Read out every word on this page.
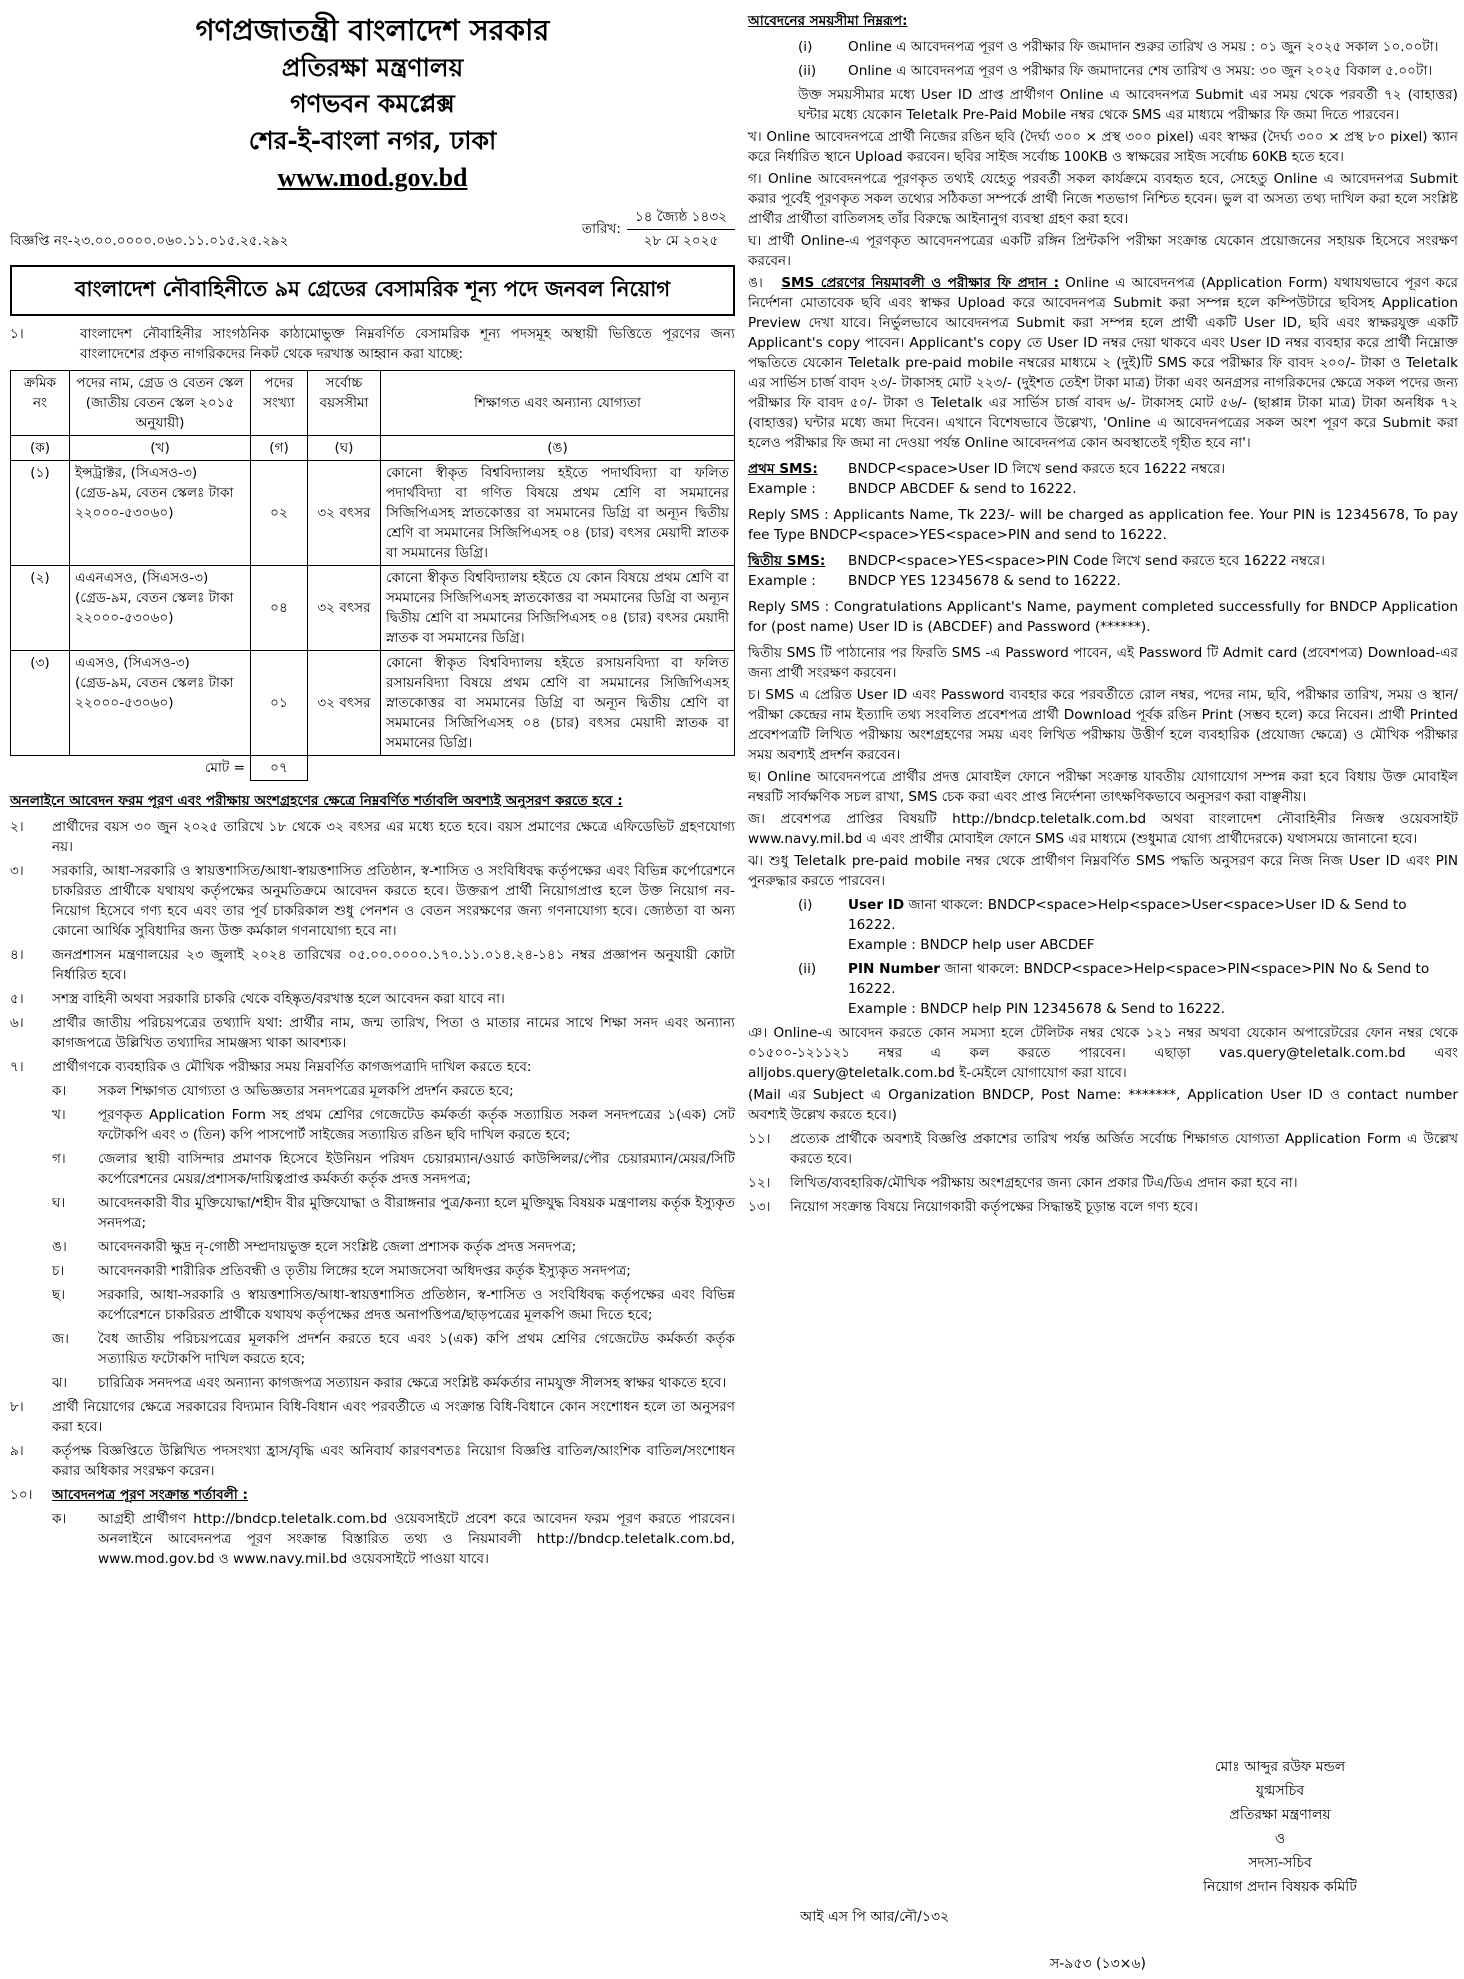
গণপ্রজাতন্ত্রী বাংলাদেশ সরকার

প্রতিরক্ষা মন্ত্রণালয়

গণভবন কমপ্লেক্স

শের-ই-বাংলা নগর, ঢাকা

www.mod.gov.bd

বিজ্ঞপ্তি নং-২৩.০০.০০০০.০৬০.১১.০১৫.২৫.২৯২
তারিখ:
১৪ জ্যৈষ্ঠ ১৪৩২
২৮ মে ২০২৫
বাংলাদেশ নৌবাহিনীতে ৯ম গ্রেডের বেসামরিক শূন্য পদে জনবল নিয়োগ
১।	বাংলাদেশ নৌবাহিনীর সাংগঠনিক কাঠামোভুক্ত নিম্নবর্ণিত বেসামরিক শূন্য পদসমূহ অস্থায়ী ভিত্তিতে পূরণের জন্য বাংলাদেশের প্রকৃত নাগরিকদের নিকট থেকে দরখাস্ত আহ্বান করা যাচ্ছে:
ক্রমিক নং	পদের নাম, গ্রেড ও বেতন স্কেল (জাতীয় বেতন স্কেল ২০১৫ অনুযায়ী)	পদের সংখ্যা	সর্বোচ্চ বয়সসীমা	শিক্ষাগত এবং অন্যান্য যোগ্যতা
(ক)	(খ)	(গ)	(ঘ)	(ঙ)
(১)	ইন্সট্রাক্টর, (সিএসও-৩) (গ্রেড-৯ম, বেতন স্কেলঃ টাকা ২২০০০-৫৩০৬০)	০২	৩২ বৎসর	কোনো স্বীকৃত বিশ্ববিদ্যালয় হইতে পদার্থবিদ্যা বা ফলিত পদার্থবিদ্যা বা গণিত বিষয়ে প্রথম শ্রেণি বা সমমানের সিজিপিএসহ স্নাতকোত্তর বা সমমানের ডিগ্রি বা অন্যূন দ্বিতীয় শ্রেণি বা সমমানের সিজিপিএসহ ০৪ (চার) বৎসর মেয়াদী স্নাতক বা সমমানের ডিগ্রি।
(২)	এএনএসও, (সিএসও-৩) (গ্রেড-৯ম, বেতন স্কেলঃ টাকা ২২০০০-৫৩০৬০)	০৪	৩২ বৎসর	কোনো স্বীকৃত বিশ্ববিদ্যালয় হইতে যে কোন বিষয়ে প্রথম শ্রেণি বা সমমানের সিজিপিএসহ স্নাতকোত্তর বা সমমানের ডিগ্রি বা অন্যূন দ্বিতীয় শ্রেণি বা সমমানের সিজিপিএসহ ০৪ (চার) বৎসর মেয়াদী স্নাতক বা সমমানের ডিগ্রি।
(৩)	এএসও, (সিএসও-৩) (গ্রেড-৯ম, বেতন স্কেলঃ টাকা ২২০০০-৫৩০৬০)	০১	৩২ বৎসর	কোনো স্বীকৃত বিশ্ববিদ্যালয় হইতে রসায়নবিদ্যা বা ফলিত রসায়নবিদ্যা বিষয়ে প্রথম শ্রেণি বা সমমানের সিজিপিএসহ স্নাতকোত্তর বা সমমানের ডিগ্রি বা অন্যূন দ্বিতীয় শ্রেণি বা সমমানের সিজিপিএসহ ০৪ (চার) বৎসর মেয়াদী স্নাতক বা সমমানের ডিগ্রি।
মোট =		০৭		
অনলাইনে আবেদন ফরম পূরণ এবং পরীক্ষায় অংশগ্রহণের ক্ষেত্রে নিম্নবর্ণিত শর্তাবলি অবশ্যই অনুসরণ করতে হবে :
২।	প্রার্থীদের বয়স ৩০ জুন ২০২৫ তারিখে ১৮ থেকে ৩২ বৎসর এর মধ্যে হতে হবে। বয়স প্রমাণের ক্ষেত্রে এফিডেভিট গ্রহণযোগ্য নয়।
৩।	সরকারি, আধা-সরকারি ও স্বায়ত্তশাসিত/আধা-স্বায়ত্তশাসিত প্রতিষ্ঠান, স্ব-শাসিত ও সংবিধিবদ্ধ কর্তৃপক্ষের এবং বিভিন্ন কর্পোরেশনে চাকরিরত প্রার্থীকে যথাযথ কর্তৃপক্ষের অনুমতিক্রমে আবেদন করতে হবে। উক্তরূপ প্রার্থী নিয়োগপ্রাপ্ত হলে উক্ত নিয়োগ নব-নিয়োগ হিসেবে গণ্য হবে এবং তার পূর্ব চাকরিকাল শুধু পেনশন ও বেতন সংরক্ষণের জন্য গণনাযোগ্য হবে। জ্যেষ্ঠতা বা অন্য কোনো আর্থিক সুবিধাদির জন্য উক্ত কর্মকাল গণনাযোগ্য হবে না।
৪।	জনপ্রশাসন মন্ত্রণালয়ের ২৩ জুলাই ২০২৪ তারিখের ০৫.০০.০০০০.১৭০.১১.০১৪.২৪-১৪১ নম্বর প্রজ্ঞাপন অনুযায়ী কোটা নির্ধারিত হবে।
৫।	সশস্ত্র বাহিনী অথবা সরকারি চাকরি থেকে বহিষ্কৃত/বরখাস্ত হলে আবেদন করা যাবে না।
৬।	প্রার্থীর জাতীয় পরিচয়পত্রের তথ্যাদি যথা: প্রার্থীর নাম, জন্ম তারিখ, পিতা ও মাতার নামের সাথে শিক্ষা সনদ এবং অন্যান্য কাগজপত্রে উল্লিখিত তথ্যাদির সামঞ্জস্য থাকা আবশ্যক।
৭।	প্রার্থীগণকে ব্যবহারিক ও মৌখিক পরীক্ষার সময় নিম্নবর্ণিত কাগজপত্রাদি দাখিল করতে হবে:
ক।	সকল শিক্ষাগত যোগ্যতা ও অভিজ্ঞতার সনদপত্রের মূলকপি প্রদর্শন করতে হবে;
খ।	পূরণকৃত Application Form সহ প্রথম শ্রেণির গেজেটেড কর্মকর্তা কর্তৃক সত্যায়িত সকল সনদপত্রের ১(এক) সেট ফটোকপি এবং ৩ (তিন) কপি পাসপোর্ট সাইজের সত্যায়িত রঙিন ছবি দাখিল করতে হবে;
গ।	জেলার স্থায়ী বাসিন্দার প্রমাণক হিসেবে ইউনিয়ন পরিষদ চেয়ারম্যান/ওয়ার্ড কাউন্সিলর/পৌর চেয়ারম্যান/মেয়র/সিটি কর্পোরেশনের মেয়র/প্রশাসক/দায়িত্বপ্রাপ্ত কর্মকর্তা কর্তৃক প্রদত্ত সনদপত্র;
ঘ।	আবেদনকারী বীর মুক্তিযোদ্ধা/শহীদ বীর মুক্তিযোদ্ধা ও বীরাঙ্গনার পুত্র/কন্যা হলে মুক্তিযুদ্ধ বিষয়ক মন্ত্রণালয় কর্তৃক ইস্যুকৃত সনদপত্র;
ঙ।	আবেদনকারী ক্ষুদ্র নৃ-গোষ্ঠী সম্প্রদায়ভুক্ত হলে সংশ্লিষ্ট জেলা প্রশাসক কর্তৃক প্রদত্ত সনদপত্র;
চ।	আবেদনকারী শারীরিক প্রতিবন্ধী ও তৃতীয় লিঙ্গের হলে সমাজসেবা অধিদপ্তর কর্তৃক ইস্যুকৃত সনদপত্র;
ছ।	সরকারি, আধা-সরকারি ও স্বায়ত্তশাসিত/আধা-স্বায়ত্তশাসিত প্রতিষ্ঠান, স্ব-শাসিত ও সংবিধিবদ্ধ কর্তৃপক্ষের এবং বিভিন্ন কর্পোরেশনে চাকরিরত প্রার্থীকে যথাযথ কর্তৃপক্ষের প্রদত্ত অনাপত্তিপত্র/ছাড়পত্রের মূলকপি জমা দিতে হবে;
জ।	বৈধ জাতীয় পরিচয়পত্রের মূলকপি প্রদর্শন করতে হবে এবং ১(এক) কপি প্রথম শ্রেণির গেজেটেড কর্মকর্তা কর্তৃক সত্যায়িত ফটোকপি দাখিল করতে হবে;
ঝ।	চারিত্রিক সনদপত্র এবং অন্যান্য কাগজপত্র সত্যায়ন করার ক্ষেত্রে সংশ্লিষ্ট কর্মকর্তার নামযুক্ত সীলসহ স্বাক্ষর থাকতে হবে।
৮।	প্রার্থী নিয়োগের ক্ষেত্রে সরকারের বিদ্যমান বিধি-বিধান এবং পরবর্তীতে এ সংক্রান্ত বিধি-বিধানে কোন সংশোধন হলে তা অনুসরণ করা হবে।
৯।	কর্তৃপক্ষ বিজ্ঞপ্তিতে উল্লিখিত পদসংখ্যা হ্রাস/বৃদ্ধি এবং অনিবার্য কারণবশতঃ নিয়োগ বিজ্ঞপ্তি বাতিল/আংশিক বাতিল/সংশোধন করার অধিকার সংরক্ষণ করেন।
১০।	আবেদনপত্র পূরণ সংক্রান্ত শর্তাবলী :
ক।	আগ্রহী প্রার্থীগণ http://bndcp.teletalk.com.bd ওয়েবসাইটে প্রবেশ করে আবেদন ফরম পূরণ করতে পারবেন। অনলাইনে আবেদনপত্র পূরণ সংক্রান্ত বিস্তারিত তথ্য ও নিয়মাবলী http://bndcp.teletalk.com.bd, www.mod.gov.bd ও www.navy.mil.bd ওয়েবসাইটে পাওয়া যাবে।
আবেদনের সময়সীমা নিম্নরূপ:
(i)	Online এ আবেদনপত্র পূরণ ও পরীক্ষার ফি জমাদান শুরুর তারিখ ও সময় : ০১ জুন ২০২৫ সকাল ১০.০০টা।
(ii)	Online এ আবেদনপত্র পূরণ ও পরীক্ষার ফি জমাদানের শেষ তারিখ ও সময়: ৩০ জুন ২০২৫ বিকাল ৫.০০টা।

উক্ত সময়সীমার মধ্যে User ID প্রাপ্ত প্রার্থীগণ Online এ আবেদনপত্র Submit এর সময় থেকে পরবর্তী ৭২ (বাহাত্তর) ঘন্টার মধ্যে যেকোন Teletalk Pre-Paid Mobile নম্বর থেকে SMS এর মাধ্যমে পরীক্ষার ফি জমা দিতে পারবেন।

খ। Online আবেদনপত্রে প্রার্থী নিজের রঙিন ছবি (দৈর্ঘ্য ৩০০ × প্রস্থ ৩০০ pixel) এবং স্বাক্ষর (দৈর্ঘ্য ৩০০ × প্রস্থ ৮০ pixel) স্ক্যান করে নির্ধারিত স্থানে Upload করবেন। ছবির সাইজ সর্বোচ্চ 100KB ও স্বাক্ষরের সাইজ সর্বোচ্চ 60KB হতে হবে।

গ। Online আবেদনপত্রে পূরণকৃত তথ্যই যেহেতু পরবর্তী সকল কার্যক্রমে ব্যবহৃত হবে, সেহেতু Online এ আবেদনপত্র Submit করার পূর্বেই পূরণকৃত সকল তথ্যের সঠিকতা সম্পর্কে প্রার্থী নিজে শতভাগ নিশ্চিত হবেন। ভুল বা অসত্য তথ্য দাখিল করা হলে সংশ্লিষ্ট প্রার্থীর প্রার্থীতা বাতিলসহ তাঁর বিরুদ্ধে আইনানুগ ব্যবস্থা গ্রহণ করা হবে।

ঘ। প্রার্থী Online-এ পূরণকৃত আবেদনপত্রের একটি রঙ্গিন প্রিন্টকপি পরীক্ষা সংক্রান্ত যেকোন প্রয়োজনের সহায়ক হিসেবে সংরক্ষণ করবেন।

ঙ।   SMS প্রেরণের নিয়মাবলী ও পরীক্ষার ফি প্রদান : Online এ আবেদনপত্র (Application Form) যথাযথভাবে পূরণ করে নির্দেশনা মোতাবেক ছবি এবং স্বাক্ষর Upload করে আবেদনপত্র Submit করা সম্পন্ন হলে কম্পিউটারে ছবিসহ Application Preview দেখা যাবে। নির্ভুলভাবে আবেদনপত্র Submit করা সম্পন্ন হলে প্রার্থী একটি User ID, ছবি এবং স্বাক্ষরযুক্ত একটি Applicant's copy পাবেন। Applicant's copy তে User ID নম্বর দেয়া থাকবে এবং User ID নম্বর ব্যবহার করে প্রার্থী নিম্নোক্ত পদ্ধতিতে যেকোন Teletalk pre-paid mobile নম্বরের মাধ্যমে ২ (দুই)টি SMS করে পরীক্ষার ফি বাবদ ২০০/- টাকা ও Teletalk এর সার্ভিস চার্জ বাবদ ২৩/- টাকাসহ মোট ২২৩/- (দুইশত তেইশ টাকা মাত্র) টাকা এবং অনগ্রসর নাগরিকদের ক্ষেত্রে সকল পদের জন্য পরীক্ষার ফি বাবদ ৫০/- টাকা ও Teletalk এর সার্ভিস চার্জ বাবদ ৬/- টাকাসহ মোট ৫৬/- (ছাপ্পান্ন টাকা মাত্র) টাকা অনধিক ৭২ (বাহাত্তর) ঘন্টার মধ্যে জমা দিবেন। এখানে বিশেষভাবে উল্লেখ্য, 'Online এ আবেদনপত্রের সকল অংশ পূরণ করে Submit করা হলেও পরীক্ষার ফি জমা না দেওয়া পর্যন্ত Online আবেদনপত্র কোন অবস্থাতেই গৃহীত হবে না'।

প্রথম SMS:	BNDCP<space>User ID লিখে send করতে হবে 16222 নম্বরে।
Example :	BNDCP ABCDEF & send to 16222.

Reply SMS : Applicants Name, Tk 223/- will be charged as application fee. Your PIN is 12345678, To pay fee Type BNDCP<space>YES<space>PIN and send to 16222.

দ্বিতীয় SMS:	BNDCP<space>YES<space>PIN Code লিখে send করতে হবে 16222 নম্বরে।
Example :	BNDCP YES 12345678 & send to 16222.

Reply SMS : Congratulations Applicant's Name, payment completed successfully for BNDCP Application for (post name) User ID is (ABCDEF) and Password (******).

দ্বিতীয় SMS টি পাঠানোর পর ফিরতি SMS -এ Password পাবেন, এই Password টি Admit card (প্রবেশপত্র) Download-এর জন্য প্রার্থী সংরক্ষণ করবেন।

চ। SMS এ প্রেরিত User ID এবং Password ব্যবহার করে পরবর্তীতে রোল নম্বর, পদের নাম, ছবি, পরীক্ষার তারিখ, সময় ও স্থান/পরীক্ষা কেন্দ্রের নাম ইত্যাদি তথ্য সংবলিত প্রবেশপত্র প্রার্থী Download পূর্বক রঙিন Print (সম্ভব হলে) করে নিবেন। প্রার্থী Printed প্রবেশপত্রটি লিখিত পরীক্ষায় অংশগ্রহণের সময় এবং লিখিত পরীক্ষায় উত্তীর্ণ হলে ব্যবহারিক (প্রযোজ্য ক্ষেত্রে) ও মৌখিক পরীক্ষার সময় অবশ্যই প্রদর্শন করবেন।

ছ। Online আবেদনপত্রে প্রার্থীর প্রদত্ত মোবাইল ফোনে পরীক্ষা সংক্রান্ত যাবতীয় যোগাযোগ সম্পন্ন করা হবে বিধায় উক্ত মোবাইল নম্বরটি সার্বক্ষণিক সচল রাখা, SMS চেক করা এবং প্রাপ্ত নির্দেশনা তাৎক্ষণিকভাবে অনুসরণ করা বাঞ্ছনীয়।

জ। প্রবেশপত্র প্রাপ্তির বিষয়টি http://bndcp.teletalk.com.bd অথবা বাংলাদেশ নৌবাহিনীর নিজস্ব ওয়েবসাইট www.navy.mil.bd এ এবং প্রার্থীর মোবাইল ফোনে SMS এর মাধ্যমে (শুধুমাত্র যোগ্য প্রার্থীদেরকে) যথাসময়ে জানানো হবে।

ঝ। শুধু Teletalk pre-paid mobile নম্বর থেকে প্রার্থীগণ নিম্নবর্ণিত SMS পদ্ধতি অনুসরণ করে নিজ নিজ User ID এবং PIN পুনরুদ্ধার করতে পারবেন।

(i)	User ID জানা থাকলে: BNDCP<space>Help<space>User<space>User ID & Send to 16222.
Example : BNDCP help user ABCDEF
(ii)	PIN Number জানা থাকলে: BNDCP<space>Help<space>PIN<space>PIN No & Send to 16222.
Example : BNDCP help PIN 12345678 & Send to 16222.

ঞ। Online-এ আবেদন করতে কোন সমস্যা হলে টেলিটক নম্বর থেকে ১২১ নম্বর অথবা যেকোন অপারেটরের ফোন নম্বর থেকে ০১৫০০-১২১১২১ নম্বর এ কল করতে পারবেন। এছাড়া vas.query@teletalk.com.bd এবং alljobs.query@teletalk.com.bd ই-মেইলে যোগাযোগ করা যাবে।

(Mail এর Subject এ Organization BNDCP, Post Name: *******, Application User ID ও contact number অবশ্যই উল্লেখ করতে হবে।)

১১।	প্রত্যেক প্রার্থীকে অবশ্যই বিজ্ঞপ্তি প্রকাশের তারিখ পর্যন্ত অর্জিত সর্বোচ্চ শিক্ষাগত যোগ্যতা Application Form এ উল্লেখ করতে হবে।
১২।	লিখিত/ব্যবহারিক/মৌখিক পরীক্ষায় অংশগ্রহণের জন্য কোন প্রকার টিএ/ডিএ প্রদান করা হবে না।
১৩।	নিয়োগ সংক্রান্ত বিষয়ে নিয়োগকারী কর্তৃপক্ষের সিদ্ধান্তই চূড়ান্ত বলে গণ্য হবে।
মোঃ আব্দুর রউফ মন্ডল
যুগ্মসচিব
প্রতিরক্ষা মন্ত্রণালয়
ও
সদস্য-সচিব
নিয়োগ প্রদান বিষয়ক কমিটি
আই এস পি আর/নৌ/১৩২
স-৯৫৩ (১৩×৬)
